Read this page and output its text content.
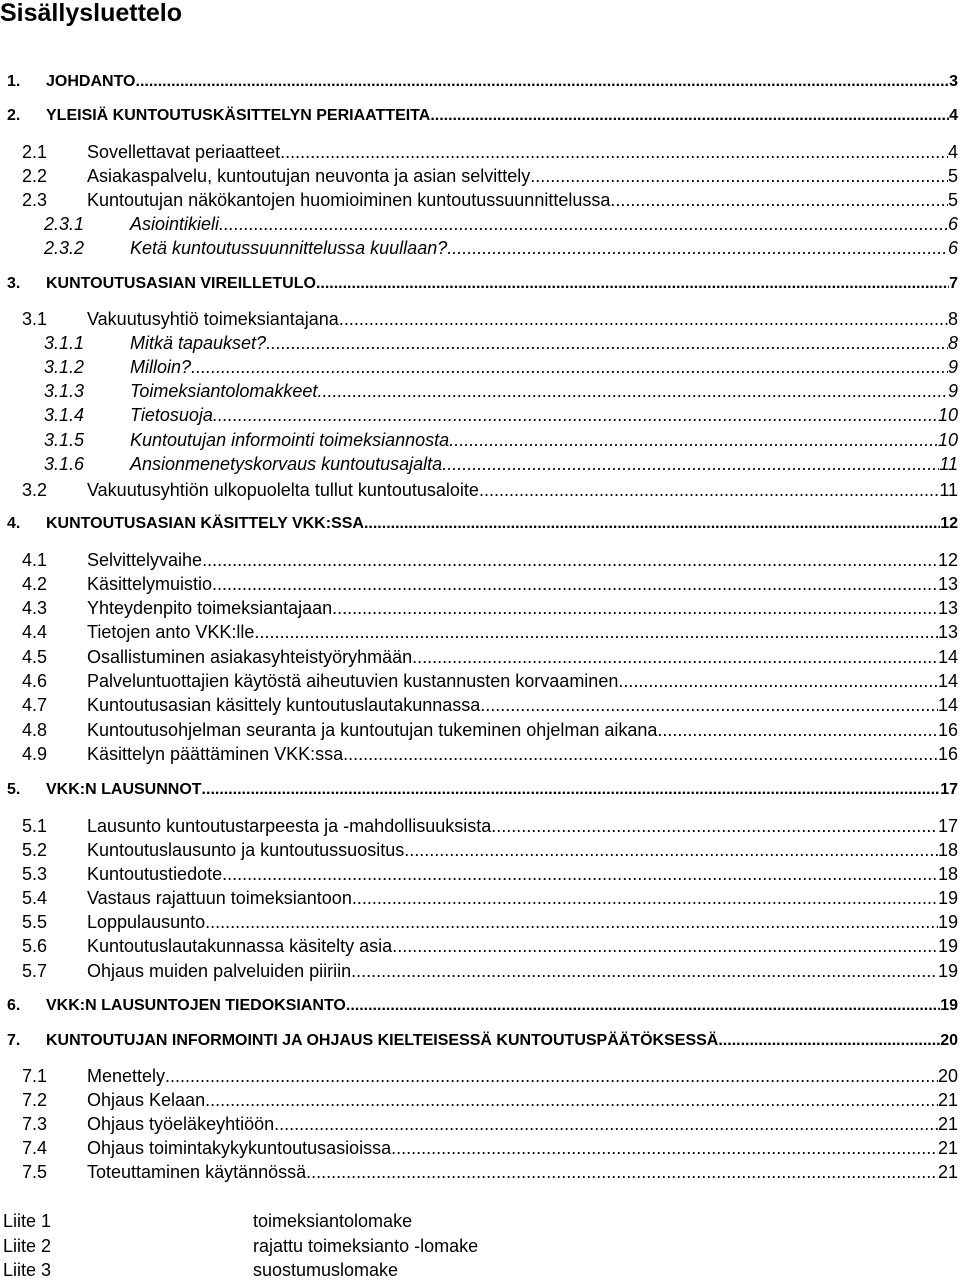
Sisällysluettelo
1. JOHDANTO .....	3
2. YLEISIÄ KUNTOUTUSKÄSITTELYN PERIAATTEITA .....	4
2.1 Sovellettavat periaatteet .....	4
2.2 Asiakaspalvelu, kuntoutujan neuvonta ja asian selvittely .....	5
2.3 Kuntoutujan näkökantojen huomioiminen kuntoutussuunnittelussa .....	5
2.3.1	Asiointikieli .....	6
2.3.2	Ketä kuntoutussuunnittelussa kuullaan? .....	6
3. KUNTOUTUSASIAN VIREILLETULO .....	7
3.1 Vakuutusyhtiö toimeksiantajana .....	8
3.1.1	Mitkä tapaukset? .....	8
3.1.2	Milloin? .....	9
3.1.3	Toimeksiantolomakkeet .....	9
3.1.4	Tietosuoja .....	10
3.1.5	Kuntoutujan informointi toimeksiannosta .....	10
3.1.6	Ansionmenetyskorvaus kuntoutusajalta .....	11
3.2 Vakuutusyhtiön ulkopuolelta tullut kuntoutusaloite .....	11
4. KUNTOUTUSASIAN KÄSITTELY VKK:SSA .....	12
4.1 Selvittelyvaihe .....	12
4.2 Käsittelymuistio .....	13
4.3 Yhteydenpito toimeksiantajaan .....	13
4.4 Tietojen anto VKK:lle .....	13
4.5 Osallistuminen asiakasyhteistyöryhmään .....	14
4.6 Palveluntuottajien käytöstä aiheutuvien kustannusten korvaaminen .....	14
4.7 Kuntoutusasian käsittely kuntoutuslautakunnassa .....	14
4.8 Kuntoutusohjelman seuranta ja kuntoutujan tukeminen ohjelman aikana .....	16
4.9 Käsittelyn päättäminen VKK:ssa .....	16
5. VKK:N LAUSUNNOT .....	17
5.1 Lausunto kuntoutustarpeesta ja -mahdollisuuksista .....	17
5.2 Kuntoutuslausunto ja kuntoutussuositus .....	18
5.3 Kuntoutustiedote .....	18
5.4 Vastaus rajattuun toimeksiantoon .....	19
5.5 Loppulausunto .....	19
5.6 Kuntoutuslautakunnassa käsitelty asia .....	19
5.7 Ohjaus muiden palveluiden piiriin .....	19
6. VKK:N LAUSUNTOJEN TIEDOKSIANTO .....	19
7. KUNTOUTUJAN INFORMOINTI JA OHJAUS KIELTEISESSÄ KUNTOUTUSPÄÄTÖKSESSÄ .....	20
7.1 Menettely .....	20
7.2 Ohjaus Kelaan .....	21
7.3 Ohjaus työeläkeyhtiöön .....	21
7.4 Ohjaus toimintakykykuntoutusasioissa .....	21
7.5 Toteuttaminen käytännössä .....	21
Liite 1	toimeksiantolomake
Liite 2	rajattu toimeksianto -lomake
Liite 3	suostumuslomake
